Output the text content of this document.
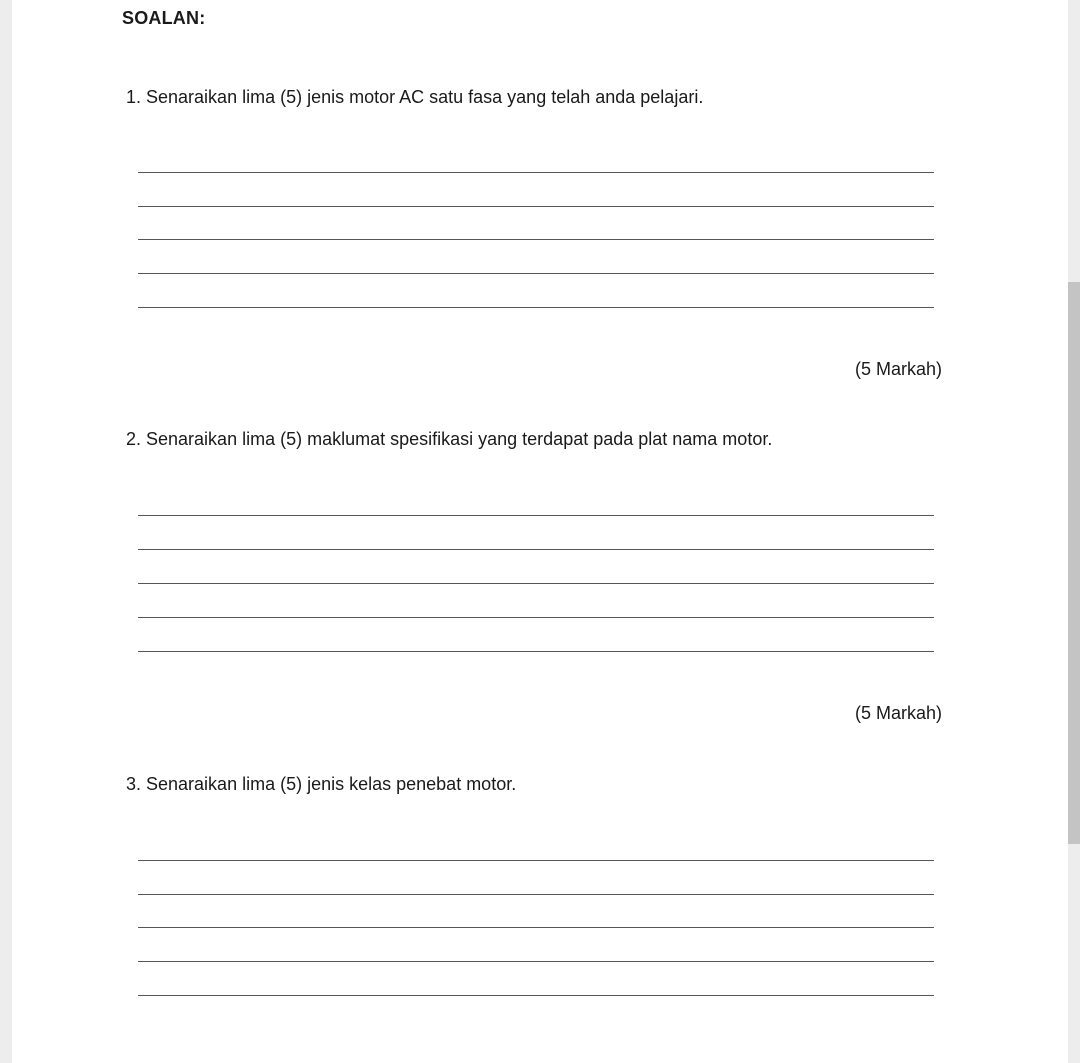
SOALAN:

1. Senaraikan lima (5) jenis motor AC satu fasa yang telah anda pelajari.

(5 Markah)

2. Senaraikan lima (5) maklumat spesifikasi yang terdapat pada plat nama motor.

(5 Markah)

3. Senaraikan lima (5) jenis kelas penebat motor.
